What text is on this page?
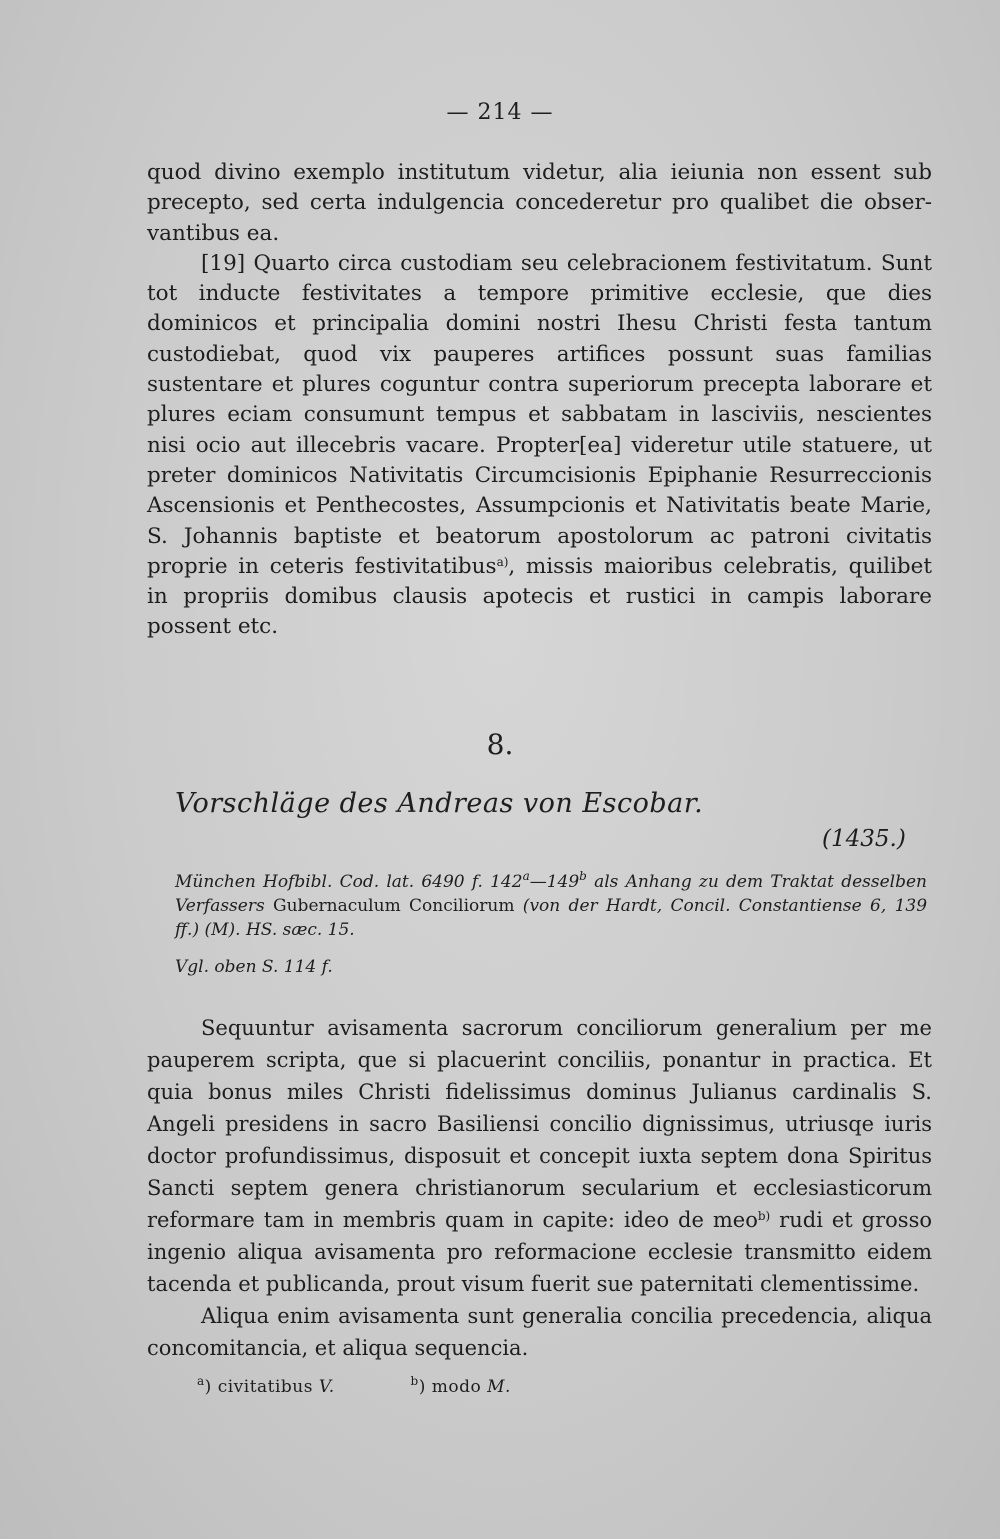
— 214 —

quod divino exemplo institutum videtur, alia ieiunia non essent sub precepto, sed certa indulgencia concederetur pro qualibet die observantibus ea.

[19] Quarto circa custodiam seu celebracionem festivitatum. Sunt tot inducte festivitates a tempore primitive ecclesie, que dies dominicos et principalia domini nostri Ihesu Christi festa tantum custodiebat, quod vix pauperes artifices possunt suas familias sustentare et plures coguntur contra superiorum precepta laborare et plures eciam consumunt tempus et sabbatam in lasciviis, nescientes nisi ocio aut illecebris vacare. Propter[ea] videretur utile statuere, ut preter dominicos Nativitatis Circumcisionis Epiphanie Resurreccionis Ascensionis et Penthecostes, Assumpcionis et Nativitatis beate Marie, S. Johannis baptiste et beatorum apostolorum ac patroni civitatis proprie in ceteris festivitatibus$^{a)}$, missis maioribus celebratis, quilibet in propriis domibus clausis apotecis et rustici in campis laborare possent etc.

8.
Vorschläge des Andreas von Escobar.
(1435.)
München Hofbibl. Cod. lat. 6490 f. 142$^a$—149$^b$ als Anhang zu dem Traktat desselben Verfassers Gubernaculum Conciliorum (von der Hardt, Concil. Constantiense 6, 139 ff.) (M). HS. sæc. 15.
Vgl. oben S. 114 f.

Sequuntur avisamenta sacrorum conciliorum generalium per me pauperem scripta, que si placuerint conciliis, ponantur in practica. Et quia bonus miles Christi fidelissimus dominus Julianus cardinalis S. Angeli presidens in sacro Basiliensi concilio dignissimus, utriusqe iuris doctor profundissimus, disposuit et concepit iuxta septem dona Spiritus Sancti septem genera christianorum secularium et ecclesiasticorum reformare tam in membris quam in capite: ideo de meo$^{b)}$ rudi et grosso ingenio aliqua avisamenta pro reformacione ecclesie transmitto eidem tacenda et publicanda, prout visum fuerit sue paternitati clementissime.

Aliqua enim avisamenta sunt generalia concilia precedencia, aliqua concomitancia, et aliqua sequencia.

$^a$) civitatibus V.	$^b$) modo M.
